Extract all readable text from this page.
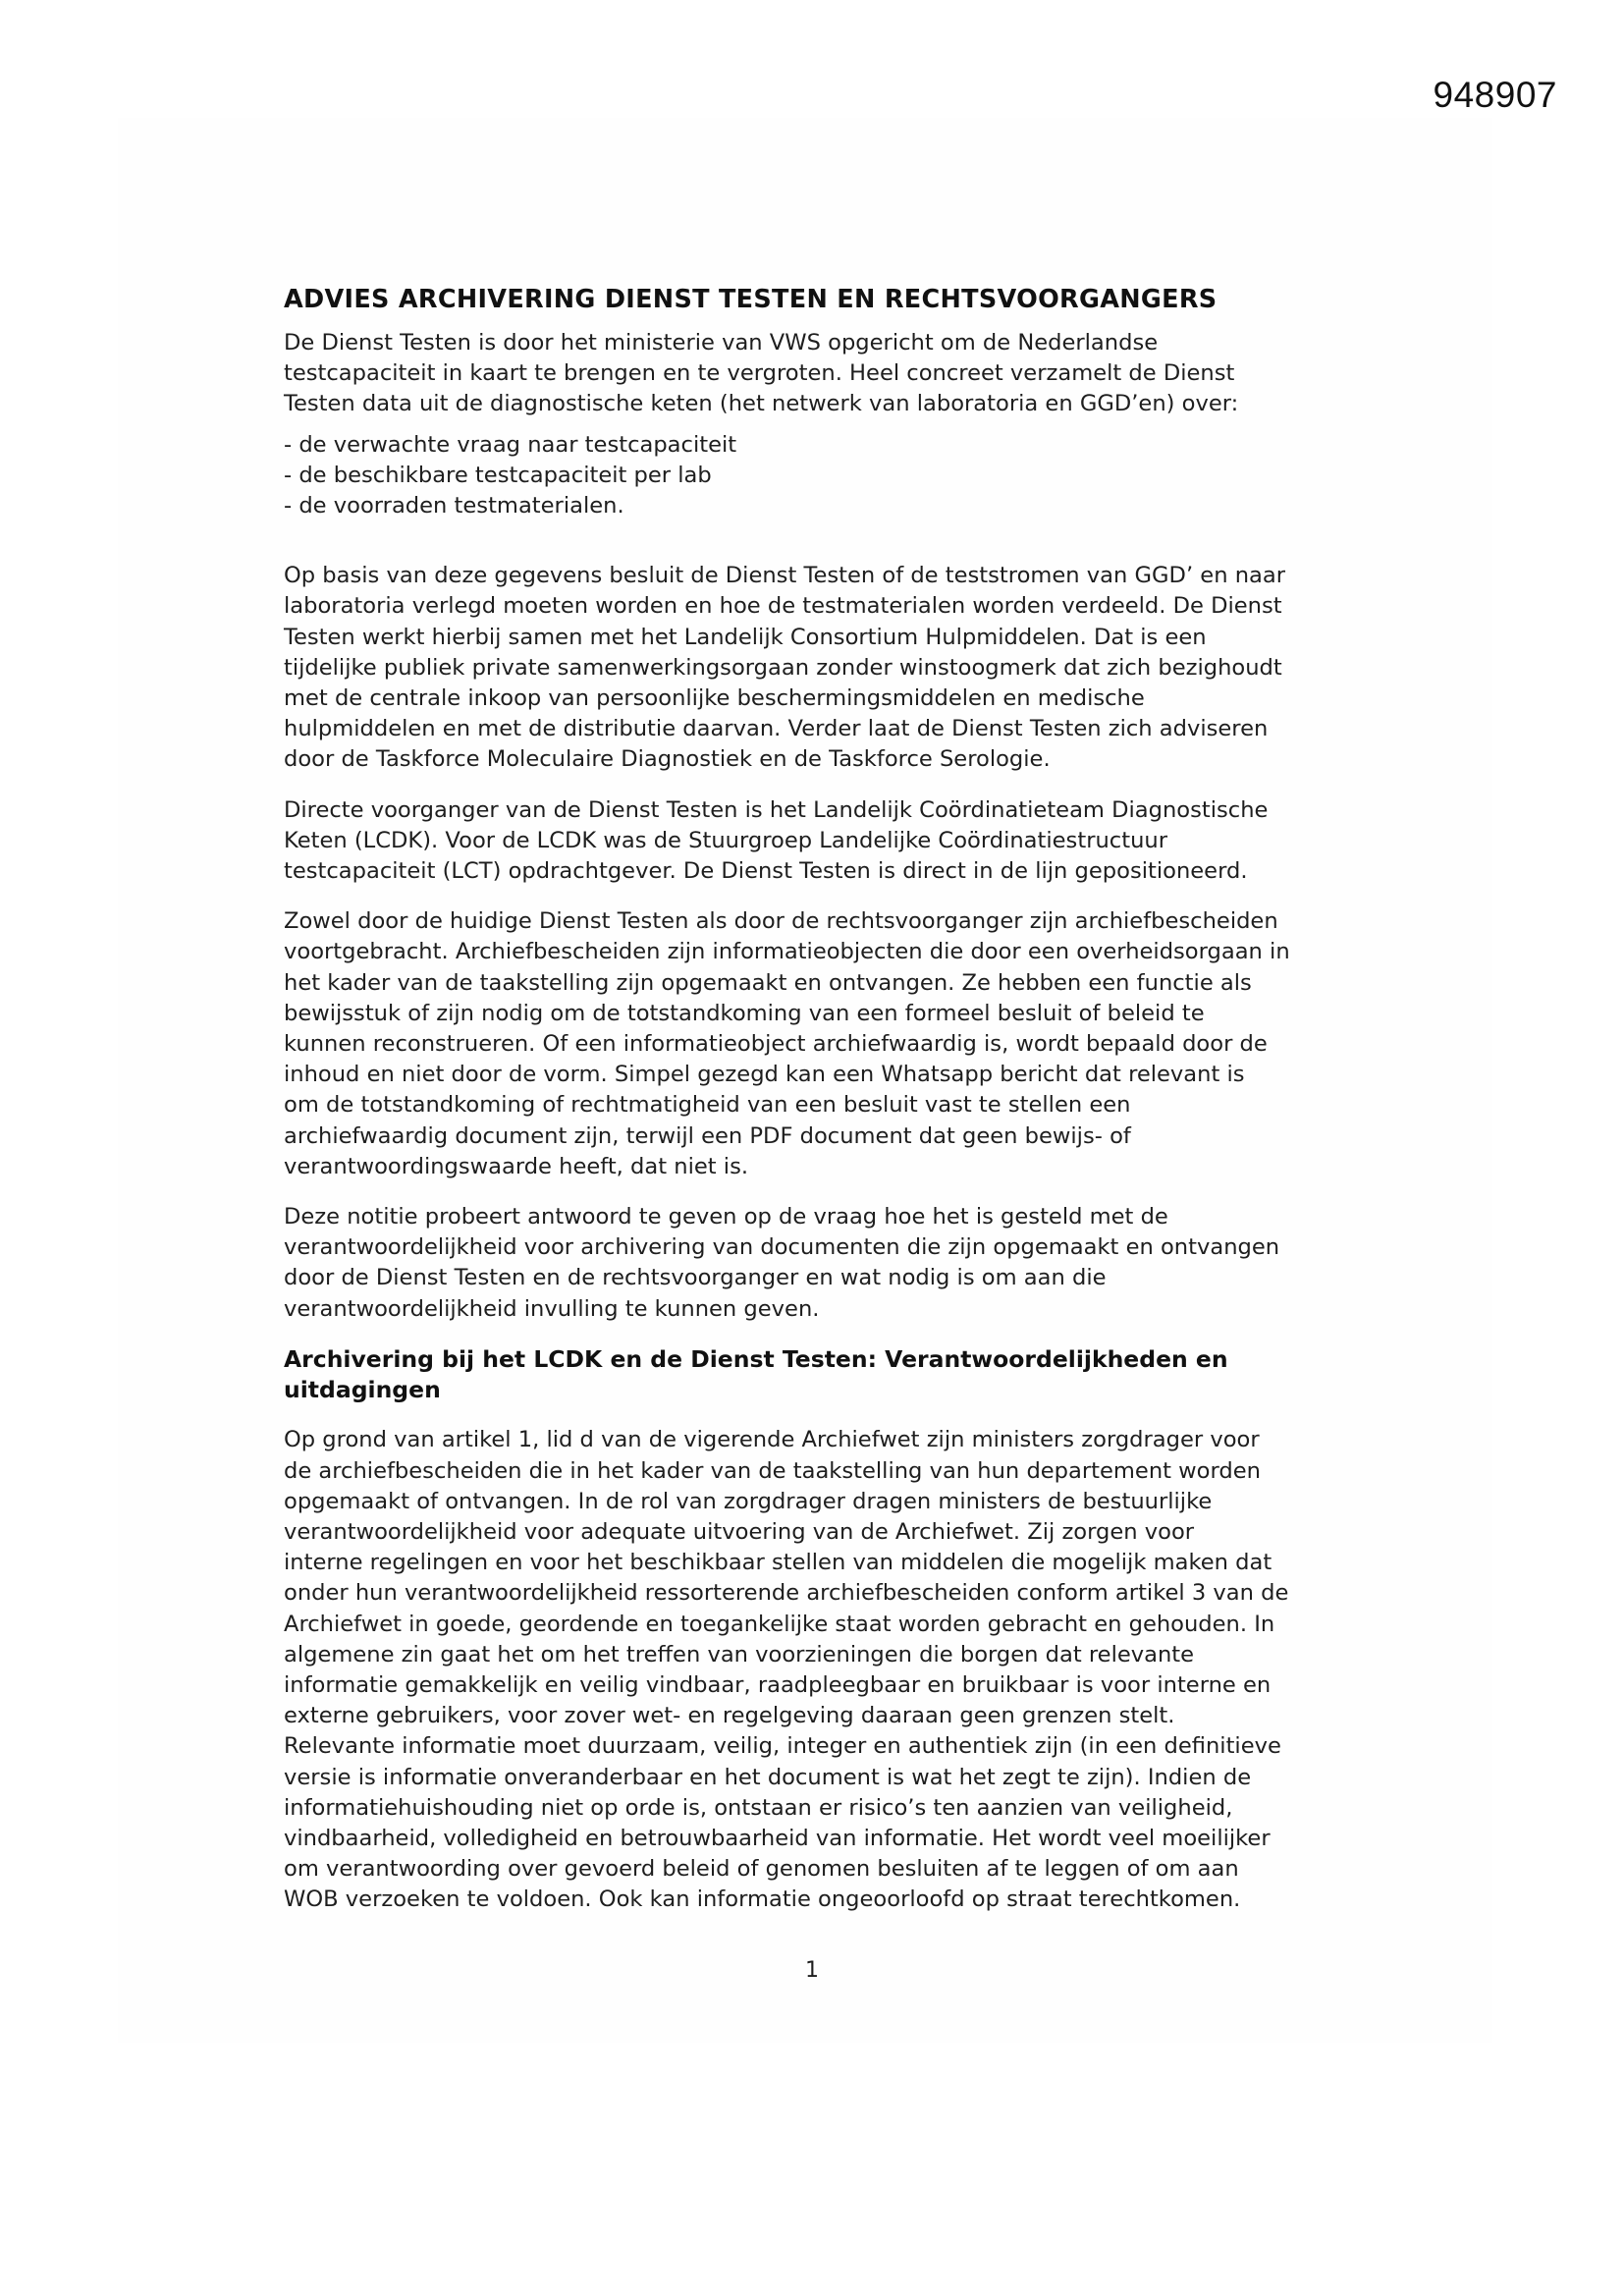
948907
ADVIES ARCHIVERING DIENST TESTEN EN RECHTSVOORGANGERS

De Dienst Testen is door het ministerie van VWS opgericht om de Nederlandse
testcapaciteit in kaart te brengen en te vergroten. Heel concreet verzamelt de Dienst
Testen data uit de diagnostische keten (het netwerk van laboratoria en GGD’en) over:

- de verwachte vraag naar testcapaciteit
- de beschikbare testcapaciteit per lab
- de voorraden testmaterialen.

Op basis van deze gegevens besluit de Dienst Testen of de teststromen van GGD’ en naar
laboratoria verlegd moeten worden en hoe de testmaterialen worden verdeeld. De Dienst
Testen werkt hierbij samen met het Landelijk Consortium Hulpmiddelen. Dat is een
tijdelijke publiek private samenwerkingsorgaan zonder winstoogmerk dat zich bezighoudt
met de centrale inkoop van persoonlijke beschermingsmiddelen en medische
hulpmiddelen en met de distributie daarvan. Verder laat de Dienst Testen zich adviseren
door de Taskforce Moleculaire Diagnostiek en de Taskforce Serologie.

Directe voorganger van de Dienst Testen is het Landelijk Coördinatieteam Diagnostische
Keten (LCDK). Voor de LCDK was de Stuurgroep Landelijke Coördinatiestructuur
testcapaciteit (LCT) opdrachtgever. De Dienst Testen is direct in de lijn gepositioneerd.

Zowel door de huidige Dienst Testen als door de rechtsvoorganger zijn archiefbescheiden
voortgebracht. Archiefbescheiden zijn informatieobjecten die door een overheidsorgaan in
het kader van de taakstelling zijn opgemaakt en ontvangen. Ze hebben een functie als
bewijsstuk of zijn nodig om de totstandkoming van een formeel besluit of beleid te
kunnen reconstrueren. Of een informatieobject archiefwaardig is, wordt bepaald door de
inhoud en niet door de vorm. Simpel gezegd kan een Whatsapp bericht dat relevant is
om de totstandkoming of rechtmatigheid van een besluit vast te stellen een
archiefwaardig document zijn, terwijl een PDF document dat geen bewijs- of
verantwoordingswaarde heeft, dat niet is.

Deze notitie probeert antwoord te geven op de vraag hoe het is gesteld met de
verantwoordelijkheid voor archivering van documenten die zijn opgemaakt en ontvangen
door de Dienst Testen en de rechtsvoorganger en wat nodig is om aan die
verantwoordelijkheid invulling te kunnen geven.

Archivering bij het LCDK en de Dienst Testen: Verantwoordelijkheden en
uitdagingen

Op grond van artikel 1, lid d van de vigerende Archiefwet zijn ministers zorgdrager voor
de archiefbescheiden die in het kader van de taakstelling van hun departement worden
opgemaakt of ontvangen. In de rol van zorgdrager dragen ministers de bestuurlijke
verantwoordelijkheid voor adequate uitvoering van de Archiefwet. Zij zorgen voor
interne regelingen en voor het beschikbaar stellen van middelen die mogelijk maken dat
onder hun verantwoordelijkheid ressorterende archiefbescheiden conform artikel 3 van de
Archiefwet in goede, geordende en toegankelijke staat worden gebracht en gehouden. In
algemene zin gaat het om het treffen van voorzieningen die borgen dat relevante
informatie gemakkelijk en veilig vindbaar, raadpleegbaar en bruikbaar is voor interne en
externe gebruikers, voor zover wet- en regelgeving daaraan geen grenzen stelt.
Relevante informatie moet duurzaam, veilig, integer en authentiek zijn (in een definitieve
versie is informatie onveranderbaar en het document is wat het zegt te zijn). Indien de
informatiehuishouding niet op orde is, ontstaan er risico’s ten aanzien van veiligheid,
vindbaarheid, volledigheid en betrouwbaarheid van informatie. Het wordt veel moeilijker
om verantwoording over gevoerd beleid of genomen besluiten af te leggen of om aan
WOB verzoeken te voldoen. Ook kan informatie ongeoorloofd op straat terechtkomen.

1
